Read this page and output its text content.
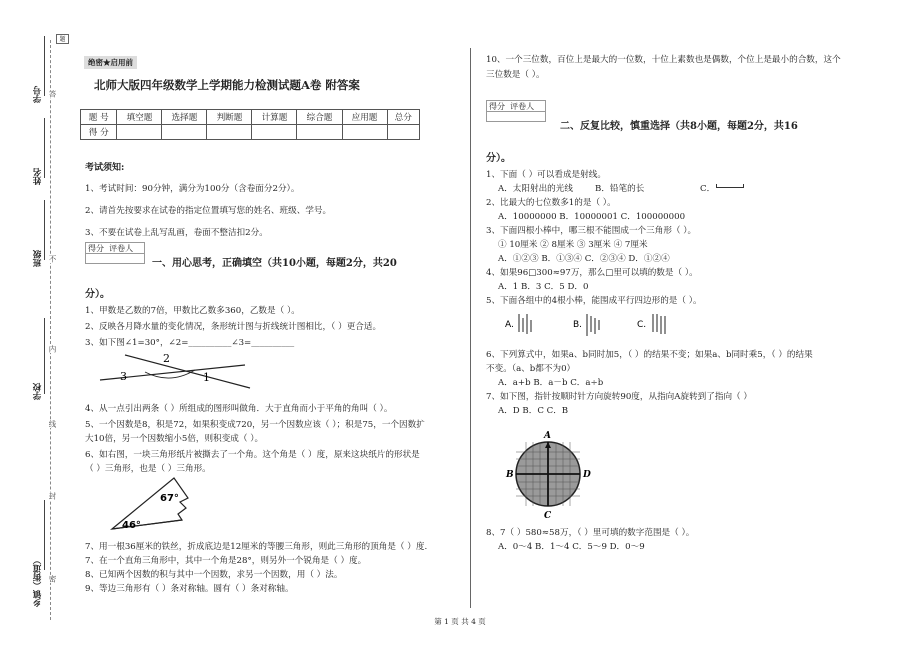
题
学号
姓名
班级
学校
乡镇（街道）
答
不
内
线
封
密
绝密★启用前
北师大版四年级数学上学期能力检测试题A卷 附答案
题 号	填空题	选择题	判断题	计算题	综合题	应用题	总分
得 分							
考试须知:
1、考试时间：90分钟，满分为100分（含卷面分2分）。
2、请首先按要求在试卷的指定位置填写您的姓名、班级、学号。
3、不要在试卷上乱写乱画，卷面不整洁扣2分。
得分 评卷人
一、用心思考，正确填空（共10小题，每题2分，共20
分）。
1、甲数是乙数的7倍，甲数比乙数多360，乙数是（ ）。
2、反映各月降水量的变化情况，条形统计图与折线统计图相比，（ ）更合适。
3、如下图∠1=30°，∠2=__________∠3=__________
2
3	1
4、从一点引出两条（ ）所组成的图形叫做角．大于直角而小于平角的角叫（ ）。
5、一个因数是8，积是72，如果积变成720，另一个因数应该（ ）；积是75，一个因数扩
大10倍，另一个因数缩小5倍，则积变成（ ）。
6、如右图，一块三角形纸片被撕去了一个角。这个角是（ ）度，原来这块纸片的形状是
（ ）三角形，也是（ ）三角形。
67°
46°
7、用一根36厘米的铁丝，折成底边是12厘米的等腰三角形，则此三角形的顶角是（ ）度.
7、在一个直角三角形中，其中一个角是28°，则另外一个锐角是（ ）度。
8、已知两个因数的积与其中一个因数，求另一个因数，用（ ）法。
9、等边三角形有（ ）条对称轴。圆有（ ）条对称轴。
10、一个三位数，百位上是最大的一位数，十位上素数也是偶数，个位上是最小的合数，这个
三位数是（ ）。
得分 评卷人
二、反复比较，慎重选择（共8小题，每题2分，共16
分）。
1、下面（ ）可以看成是射线。
A．太阳射出的光线	B．铅笔的长	C．
2、比最大的七位数多1的是（ ）。
A．10000000 B．10000001 C．100000000
3、下面四根小棒中，哪三根不能围成一个三角形（ ）。
① 10厘米 ② 8厘米 ③ 3厘米 ④ 7厘米
A．①②③ B．①③④ C．②③④ D．①②④
4、如果96□300≈97万，那么□里可以填的数是（ ）。
A．1 B．3 C．5 D．0
5、下面各组中的4根小棒，能围成平行四边形的是（ ）。
A.	B.	C.
6、下列算式中，如果a、b同时加5，（ ）的结果不变；如果a、b同时乘5，（ ）的结果
不变。（a、b都不为0）
A．a+b B．a－b C．a÷b
7、如下图，指针按顺时针方向旋转90度，从指向A旋转到了指向（ ）
A．D B．C C．B
A
B
C
D
8、7（ ）580≈58万，（ ）里可填的数字范围是（ ）。
A．0～4 B．1～4 C．5～9 D．0～9
第 1 页 共 4 页
